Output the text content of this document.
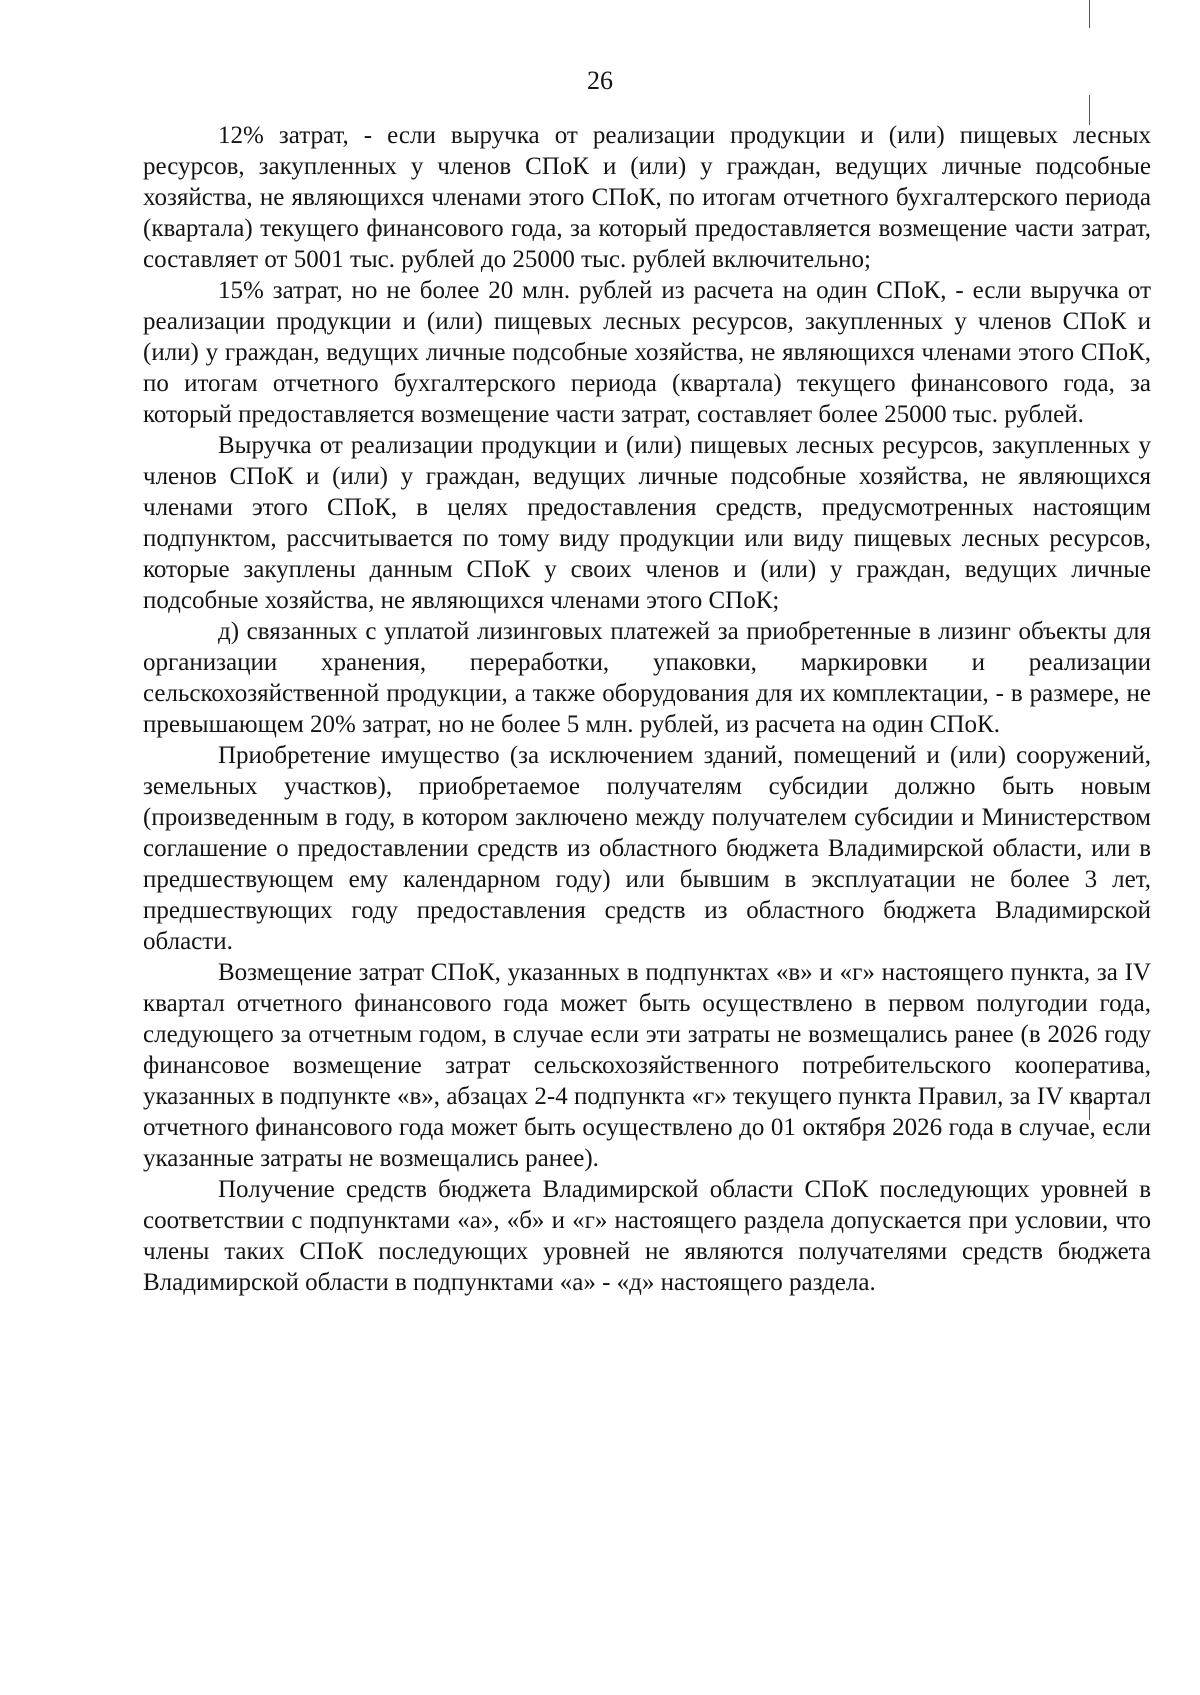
26

12% затрат, - если выручка от реализации продукции и (или) пищевых лесных ресурсов, закупленных у членов СПоК и (или) у граждан, ведущих личные подсобные хозяйства, не являющихся членами этого СПоК, по итогам отчетного бухгалтерского периода (квартала) текущего финансового года, за который предоставляется возмещение части затрат, составляет от 5001 тыс. рублей до 25000 тыс. рублей включительно;

15% затрат, но не более 20 млн. рублей из расчета на один СПоК, - если выручка от реализации продукции и (или) пищевых лесных ресурсов, закупленных у членов СПоК и (или) у граждан, ведущих личные подсобные хозяйства, не являющихся членами этого СПоК, по итогам отчетного бухгалтерского периода (квартала) текущего финансового года, за который предоставляется возмещение части затрат, составляет более 25000 тыс. рублей.

Выручка от реализации продукции и (или) пищевых лесных ресурсов, закупленных у членов СПоК и (или) у граждан, ведущих личные подсобные хозяйства, не являющихся членами этого СПоК, в целях предоставления средств, предусмотренных настоящим подпунктом, рассчитывается по тому виду продукции или виду пищевых лесных ресурсов, которые закуплены данным СПоК у своих членов и (или) у граждан, ведущих личные подсобные хозяйства, не являющихся членами этого СПоК;

д) связанных с уплатой лизинговых платежей за приобретенные в лизинг объекты для организации хранения, переработки, упаковки, маркировки и реализации сельскохозяйственной продукции, а также оборудования для их комплектации, - в размере, не превышающем 20% затрат, но не более 5 млн. рублей, из расчета на один СПоК.

Приобретение имущество (за исключением зданий, помещений и (или) сооружений, земельных участков), приобретаемое получателям субсидии должно быть новым (произведенным в году, в котором заключено между получателем субсидии и Министерством соглашение о предоставлении средств из областного бюджета Владимирской области, или в предшествующем ему календарном году) или бывшим в эксплуатации не более 3 лет, предшествующих году предоставления средств из областного бюджета Владимирской области.

Возмещение затрат СПоК, указанных в подпунктах «в» и «г» настоящего пункта, за IV квартал отчетного финансового года может быть осуществлено в первом полугодии года, следующего за отчетным годом, в случае если эти затраты не возмещались ранее (в 2026 году финансовое возмещение затрат сельскохозяйственного потребительского кооператива, указанных в подпункте «в», абзацах 2-4 подпункта «г» текущего пункта Правил, за IV квартал отчетного финансового года может быть осуществлено до 01 октября 2026 года в случае, если указанные затраты не возмещались ранее).

Получение средств бюджета Владимирской области СПоК последующих уровней в соответствии с подпунктами «а», «б» и «г» настоящего раздела допускается при условии, что члены таких СПоК последующих уровней не являются получателями средств бюджета Владимирской области в подпунктами «а» - «д» настоящего раздела.
